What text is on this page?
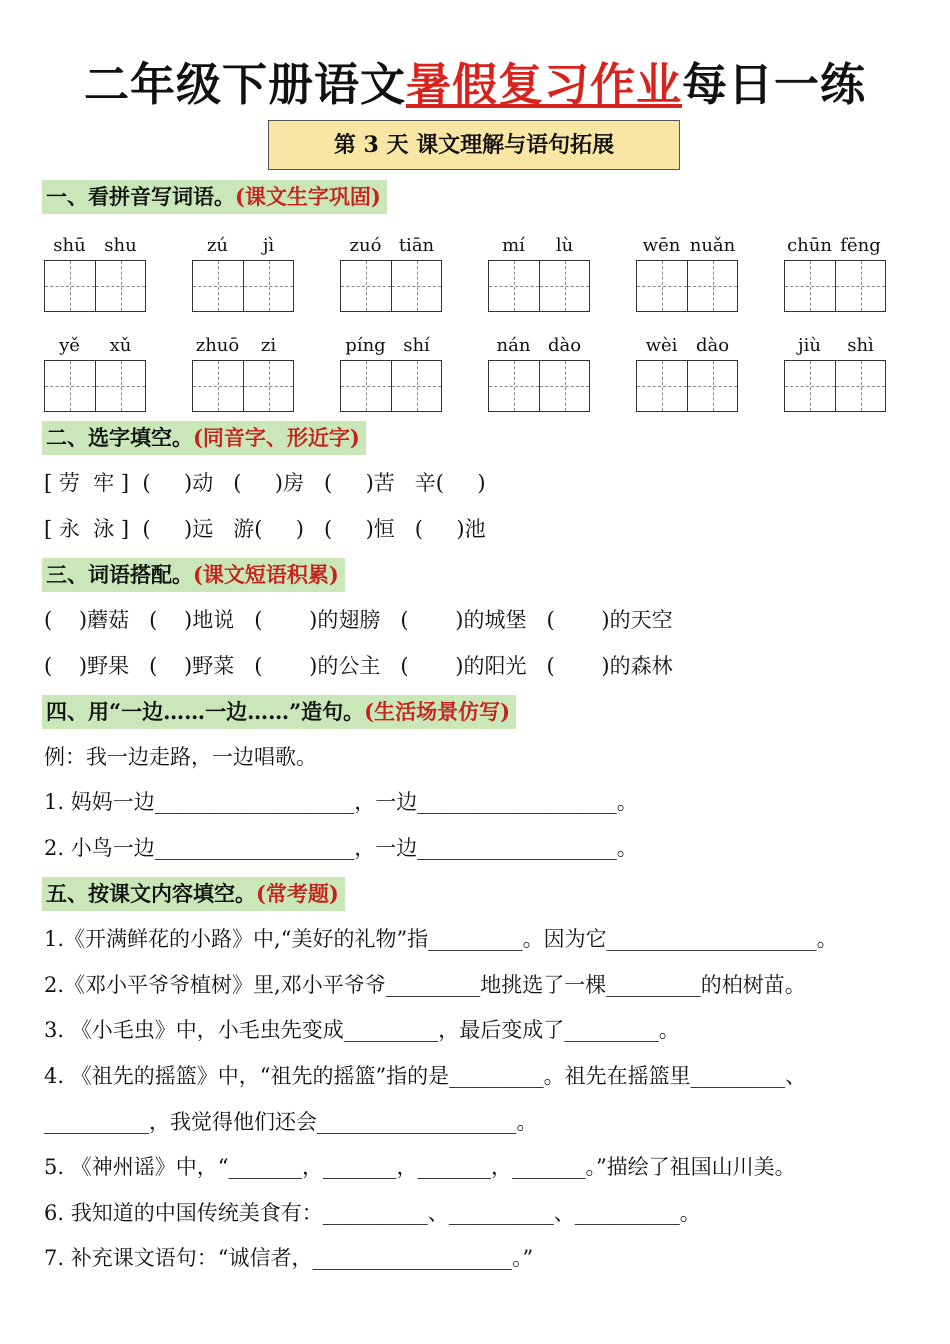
二年级下册语文暑假复习作业每日一练
第 3 天 课文理解与语句拓展
一、看拼音写词语。(课文生字巩固)
shū	shu	zú	jì	zuó tiān	mí	lù	wēn nuǎn	chūn fēng
yě	xǔ	zhuō	zi	píng shí	nán dào	wèi	dào	jiù	shì
二、选字填空。(同音字、形近字)
[ 劳  牢 ]  (     )动   (     )房   (     )苦   辛(     )
[ 永  泳 ]  (     )远   游(     )   (     )恒   (     )池
三、词语搭配。(课文短语积累)
(    )蘑菇   (    )地说   (       )的翅膀   (       )的城堡   (       )的天空
(    )野果   (    )野菜   (       )的公主   (       )的阳光   (       )的森林
四、用“一边……一边……”造句。(生活场景仿写)
例：我一边走路，一边唱歌。
1. 妈妈一边___________________，一边___________________。
2. 小鸟一边___________________，一边___________________。
五、按课文内容填空。(常考题)
1.《开满鲜花的小路》中,“美好的礼物”指_________。因为它____________________。
2.《邓小平爷爷植树》里,邓小平爷爷_________地挑选了一棵_________的柏树苗。
3. 《小毛虫》中，小毛虫先变成_________，最后变成了_________。
4. 《祖先的摇篮》中，“祖先的摇篮”指的是_________。祖先在摇篮里_________、
__________，我觉得他们还会___________________。
5. 《神州谣》中，“_______，_______，_______，_______。”描绘了祖国山川美。
6. 我知道的中国传统美食有：__________、__________、__________。
7. 补充课文语句：“诚信者，___________________。”
